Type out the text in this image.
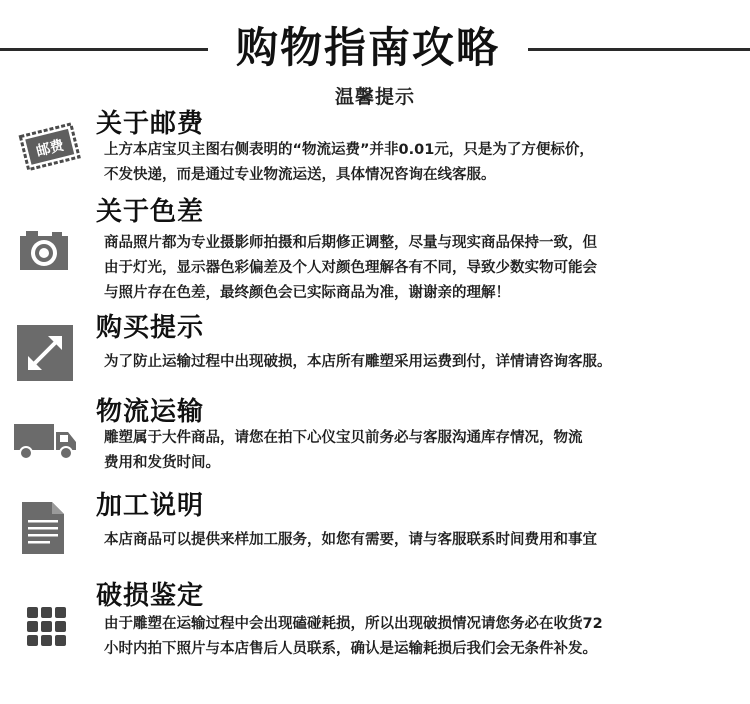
购物指南攻略
温馨提示
邮费
关于邮费
上方本店宝贝主图右侧表明的“物流运费”并非0.01元，只是为了方便标价，
不发快递，而是通过专业物流运送，具体情况咨询在线客服。
关于色差
商品照片都为专业摄影师拍摄和后期修正调整，尽量与现实商品保持一致，但
由于灯光，显示器色彩偏差及个人对颜色理解各有不同，导致少数实物可能会
与照片存在色差，最终颜色会已实际商品为准，谢谢亲的理解！
购买提示
为了防止运输过程中出现破损，本店所有雕塑采用运费到付，详情请咨询客服。
物流运输
雕塑属于大件商品，请您在拍下心仪宝贝前务必与客服沟通库存情况，物流
费用和发货时间。
加工说明
本店商品可以提供来样加工服务，如您有需要，请与客服联系时间费用和事宜
破损鉴定
由于雕塑在运输过程中会出现磕碰耗损，所以出现破损情况请您务必在收货72
小时内拍下照片与本店售后人员联系，确认是运输耗损后我们会无条件补发。
